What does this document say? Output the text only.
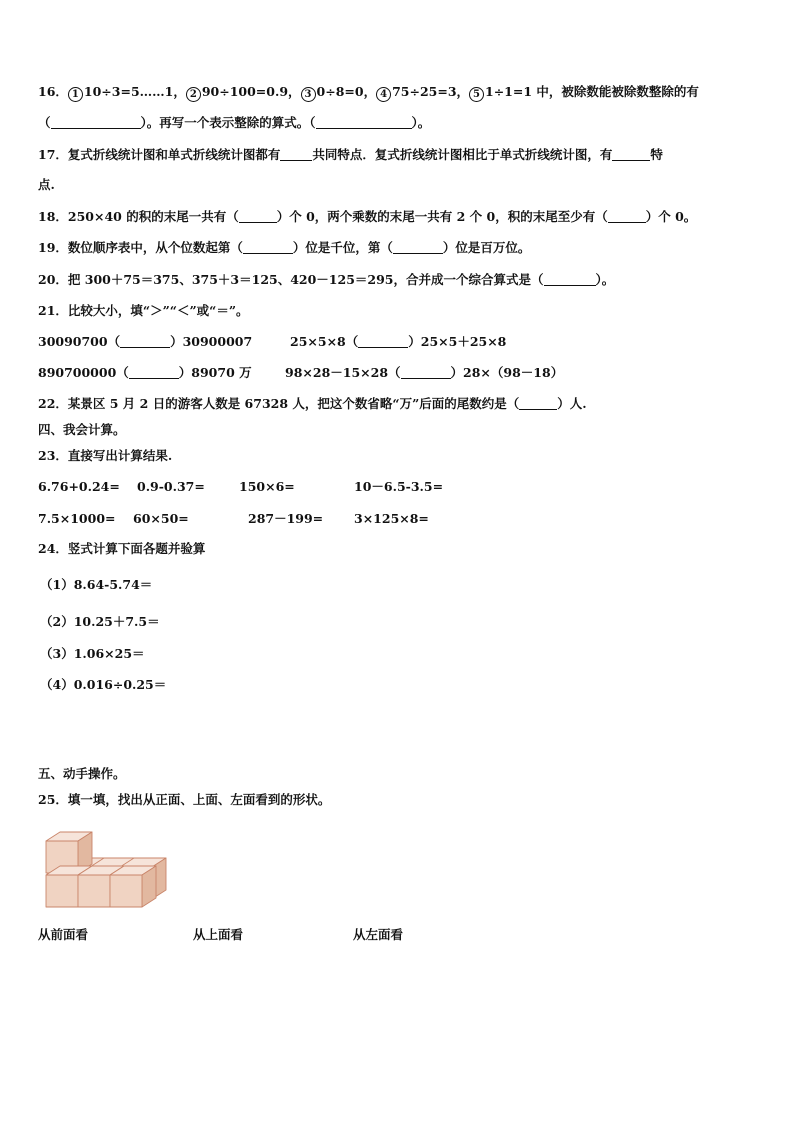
16． 1 10÷3=5……1， 2 90÷100=0.9， 3 0÷8=0， 4 75÷25=3， 5 1÷1=1 中，被除数能被除数整除的有
（	）。再写一个表示整除的算式。（	）。
17．复式折线统计图和单式折线统计图都有	共同特点．复式折线统计图相比于单式折线统计图，有	特
点.
18．250×40 的积的末尾一共有（	）个 0，两个乘数的末尾一共有 2 个 0，积的末尾至少有（	）个 0。
19．数位顺序表中，从个位数起第（	）位是千位，第（	）位是百万位。
20．把 300＋75＝375、375＋3＝125、420－125＝295，合并成一个综合算式是（	）。
21．比较大小，填“＞”“＜”或“＝”。
30090700（	）30900007	25×5×8（	）25×5＋25×8
890700000（	）89070 万	98×28－15×28（	）28×（98－18）
22．某景区 5 月 2 日的游客人数是 67328 人，把这个数省略“万”后面的尾数约是（	）人.
四、我会计算。
23．直接写出计算结果.
6.76+0.24= 0.9-0.37=	150×6=	10－6.5-3.5=
7.5×1000= 60×50=	287－199= 3×125×8=
24．竖式计算下面各题并验算
（1）8.64-5.74＝
（2）10.25＋7.5＝
（3）1.06×25＝
（4）0.016÷0.25＝
五、动手操作。
25．填一填，找出从正面、上面、左面看到的形状。
从前面看	从上面看	从左面看
